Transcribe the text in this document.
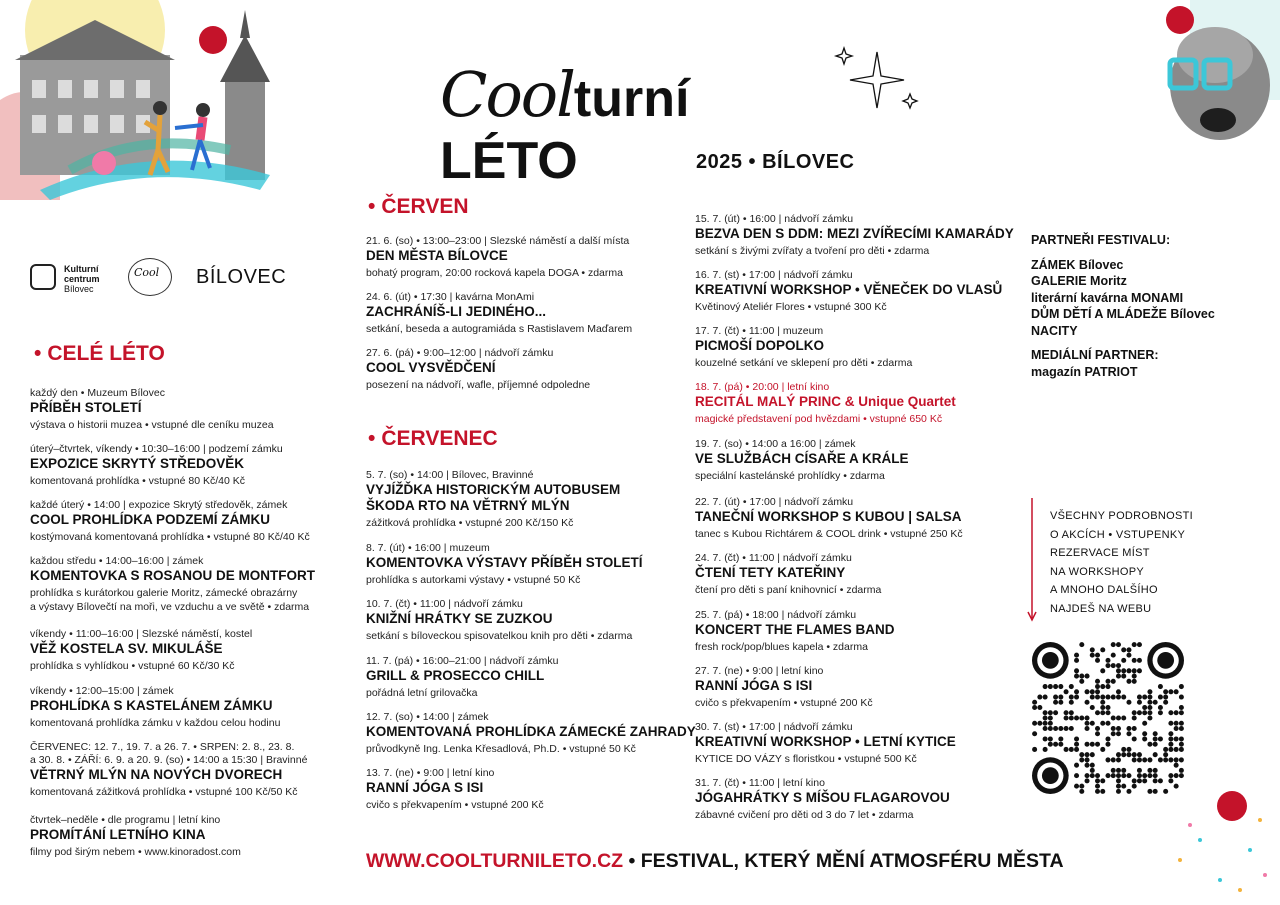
Coolturní LÉTO	2025 • BÍLOVEC
Kulturní
centrum
Bílovec
Cool BÍLOVEC
• CELÉ LÉTO
• ČERVEN
• ČERVENEC
každý den • Muzeum Bílovec
PŘÍBĚH STOLETÍ
výstava o historii muzea • vstupné dle ceníku muzea
úterý–čtvrtek, víkendy • 10:30–16:00 | podzemí zámku
EXPOZICE SKRYTÝ STŘEDOVĚK
komentovaná prohlídka • vstupné 80 Kč/40 Kč
každé úterý • 14:00 | expozice Skrytý středověk, zámek
COOL PROHLÍDKA PODZEMÍ ZÁMKU
kostýmovaná komentovaná prohlídka • vstupné 80 Kč/40 Kč
každou středu • 14:00–16:00 | zámek
KOMENTOVKA S ROSANOU DE MONTFORT
prohlídka s kurátorkou galerie Moritz, zámecké obrazárny
a výstavy Bílovečtí na moři, ve vzduchu a ve světě • zdarma
víkendy • 11:00–16:00 | Slezské náměstí, kostel
VĚŽ KOSTELA SV. MIKULÁŠE
prohlídka s vyhlídkou • vstupné 60 Kč/30 Kč
víkendy • 12:00–15:00 | zámek
PROHLÍDKA S KASTELÁNEM ZÁMKU
komentovaná prohlídka zámku v každou celou hodinu
ČERVENEC: 12. 7., 19. 7. a 26. 7. • SRPEN: 2. 8., 23. 8.
a 30. 8. • ZÁŘÍ: 6. 9. a 20. 9. (so) • 14:00 a 15:30 | Bravinné
VĚTRNÝ MLÝN NA NOVÝCH DVORECH
komentovaná zážitková prohlídka • vstupné 100 Kč/50 Kč
čtvrtek–neděle • dle programu | letní kino
PROMÍTÁNÍ LETNÍHO KINA
filmy pod širým nebem • www.kinoradost.com
21. 6. (so) • 13:00–23:00 | Slezské náměstí a další místa
DEN MĚSTA BÍLOVCE
bohatý program, 20:00 rocková kapela DOGA • zdarma
24. 6. (út) • 17:30 | kavárna MonAmi
ZACHRÁNÍŠ-LI JEDINÉHO...
setkání, beseda a autogramiáda s Rastislavem Maďarem
27. 6. (pá) • 9:00–12:00 | nádvoří zámku
COOL VYSVĚDČENÍ
posezení na nádvoří, wafle, příjemné odpoledne
5. 7. (so) • 14:00 | Bílovec, Bravinné
VYJÍŽĎKA HISTORICKÝM AUTOBUSEM
ŠKODA RTO NA VĚTRNÝ MLÝN
zážitková prohlídka • vstupné 200 Kč/150 Kč
8. 7. (út) • 16:00 | muzeum
KOMENTOVKA VÝSTAVY PŘÍBĚH STOLETÍ
prohlídka s autorkami výstavy • vstupné 50 Kč
10. 7. (čt) • 11:00 | nádvoří zámku
KNIŽNÍ HRÁTKY SE ZUZKOU
setkání s bíloveckou spisovatelkou knih pro děti • zdarma
11. 7. (pá) • 16:00–21:00 | nádvoří zámku
GRILL & PROSECCO CHILL
pořádná letní grilovačka
12. 7. (so) • 14:00 | zámek
KOMENTOVANÁ PROHLÍDKA ZÁMECKÉ ZAHRADY
průvodkyně Ing. Lenka Křesadlová, Ph.D. • vstupné 50 Kč
13. 7. (ne) • 9:00 | letní kino
RANNÍ JÓGA S ISI
cvičo s překvapením • vstupné 200 Kč
15. 7. (út) • 16:00 | nádvoří zámku
BEZVA DEN S DDM: MEZI ZVÍŘECÍMI KAMARÁDY
setkání s živými zvířaty a tvoření pro děti • zdarma
16. 7. (st) • 17:00 | nádvoří zámku
KREATIVNÍ WORKSHOP • VĚNEČEK DO VLASŮ
Květinový Ateliér Flores • vstupné 300 Kč
17. 7. (čt) • 11:00 | muzeum
PICMOŠÍ DOPOLKO
kouzelné setkání ve sklepení pro děti • zdarma
18. 7. (pá) • 20:00 | letní kino
RECITÁL MALÝ PRINC & Unique Quartet
magické představení pod hvězdami • vstupné 650 Kč
19. 7. (so) • 14:00 a 16:00 | zámek
VE SLUŽBÁCH CÍSAŘE A KRÁLE
speciální kastelánské prohlídky • zdarma
22. 7. (út) • 17:00 | nádvoří zámku
TANEČNÍ WORKSHOP S KUBOU | SALSA
tanec s Kubou Richtárem & COOL drink • vstupné 250 Kč
24. 7. (čt) • 11:00 | nádvoří zámku
ČTENÍ TETY KATEŘINY
čtení pro děti s paní knihovnicí • zdarma
25. 7. (pá) • 18:00 | nádvoří zámku
KONCERT THE FLAMES BAND
fresh rock/pop/blues kapela • zdarma
27. 7. (ne) • 9:00 | letní kino
RANNÍ JÓGA S ISI
cvičo s překvapením • vstupné 200 Kč
30. 7. (st) • 17:00 | nádvoří zámku
KREATIVNÍ WORKSHOP • LETNÍ KYTICE
KYTICE DO VÁZY s floristkou • vstupné 500 Kč
31. 7. (čt) • 11:00 | letní kino
JÓGAHRÁTKY S MÍŠOU FLAGAROVOU
zábavné cvičení pro děti od 3 do 7 let • zdarma
PARTNEŘI FESTIVALU:
ZÁMEK Bílovec
GALERIE Moritz
literární kavárna MONAMI
DŮM DĚTÍ A MLÁDEŽE Bílovec
NACITY
MEDIÁLNÍ PARTNER:
magazín PATRIOT
VŠECHNY PODROBNOSTI
O AKCÍCH • VSTUPENKY
REZERVACE MÍST
NA WORKSHOPY
A MNOHO DALŠÍHO
NAJDEŠ NA WEBU
WWW.COOLTURNILETO.CZ • FESTIVAL, KTERÝ MĚNÍ ATMOSFÉRU MĚSTA
